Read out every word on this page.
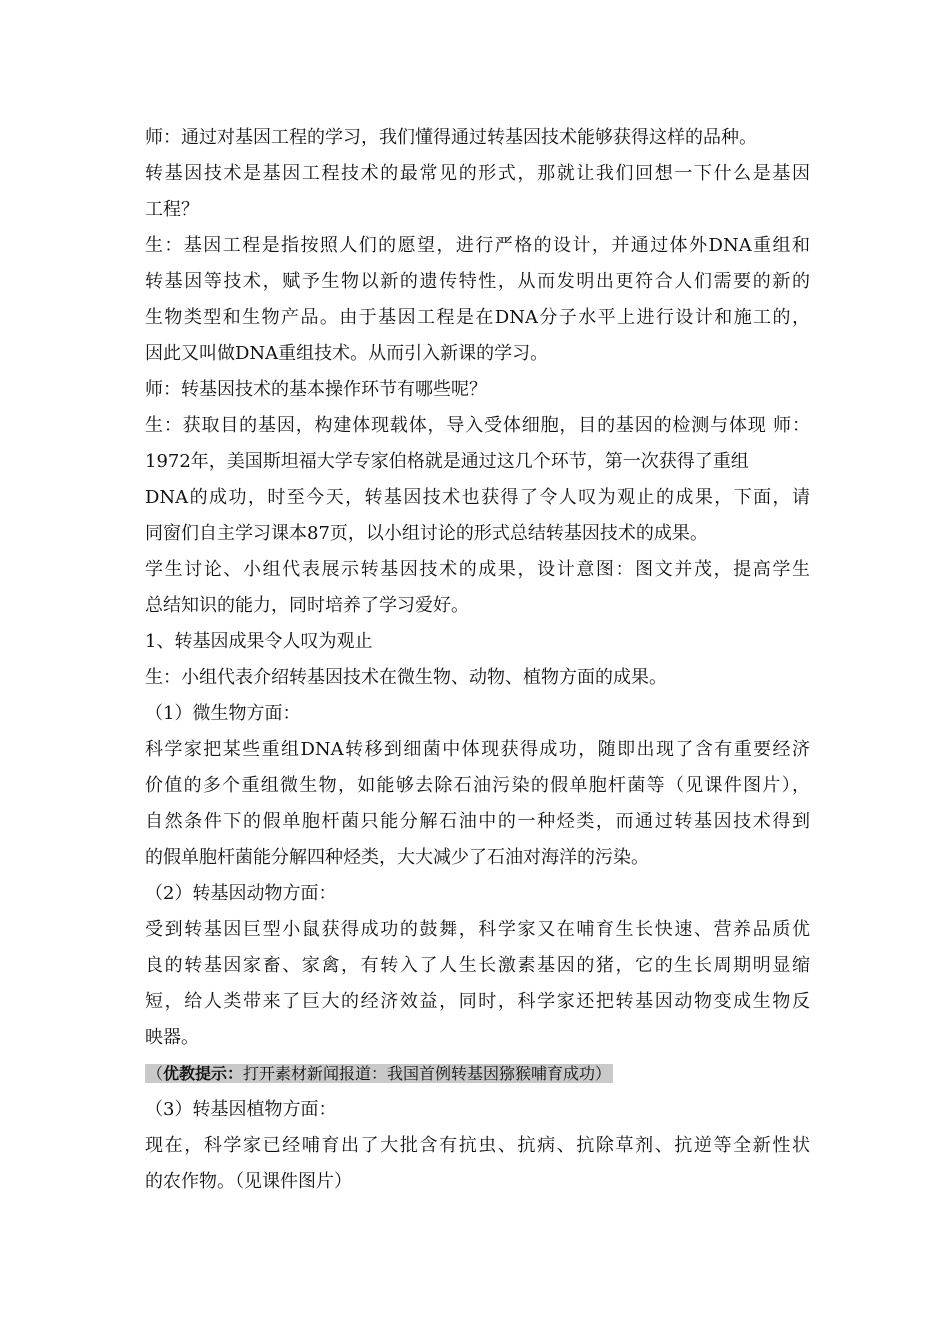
师：通过对基因工程的学习，我们懂得通过转基因技术能够获得这样的品种。
转基因技术是基因工程技术的最常见的形式，那就让我们回想一下什么是基因
工程？
生：基因工程是指按照人们的愿望，进行严格的设计，并通过体外DNA重组和
转基因等技术，赋予生物以新的遗传特性，从而发明出更符合人们需要的新的
生物类型和生物产品。由于基因工程是在DNA分子水平上进行设计和施工的，
因此又叫做DNA重组技术。从而引入新课的学习。
师：转基因技术的基本操作环节有哪些呢？
生：获取目的基因，构建体现载体，导入受体细胞，目的基因的检测与体现 师：
1972年，美国斯坦福大学专家伯格就是通过这几个环节，第一次获得了重组
DNA的成功，时至今天，转基因技术也获得了令人叹为观止的成果，下面，请
同窗们自主学习课本87页，以小组讨论的形式总结转基因技术的成果。
学生讨论、小组代表展示转基因技术的成果，设计意图：图文并茂，提高学生
总结知识的能力，同时培养了学习爱好。
1、转基因成果令人叹为观止
生：小组代表介绍转基因技术在微生物、动物、植物方面的成果。
（1）微生物方面：
科学家把某些重组DNA转移到细菌中体现获得成功，随即出现了含有重要经济
价值的多个重组微生物，如能够去除石油污染的假单胞杆菌等（见课件图片），
自然条件下的假单胞杆菌只能分解石油中的一种烃类，而通过转基因技术得到
的假单胞杆菌能分解四种烃类，大大减少了石油对海洋的污染。
（2）转基因动物方面：
受到转基因巨型小鼠获得成功的鼓舞，科学家又在哺育生长快速、营养品质优
良的转基因家畜、家禽，有转入了人生长激素基因的猪，它的生长周期明显缩
短，给人类带来了巨大的经济效益，同时，科学家还把转基因动物变成生物反
映器。
（优教提示：打开素材新闻报道：我国首例转基因猕猴哺育成功）
（3）转基因植物方面：
现在，科学家已经哺育出了大批含有抗虫、抗病、抗除草剂、抗逆等全新性状
的农作物。（见课件图片）
